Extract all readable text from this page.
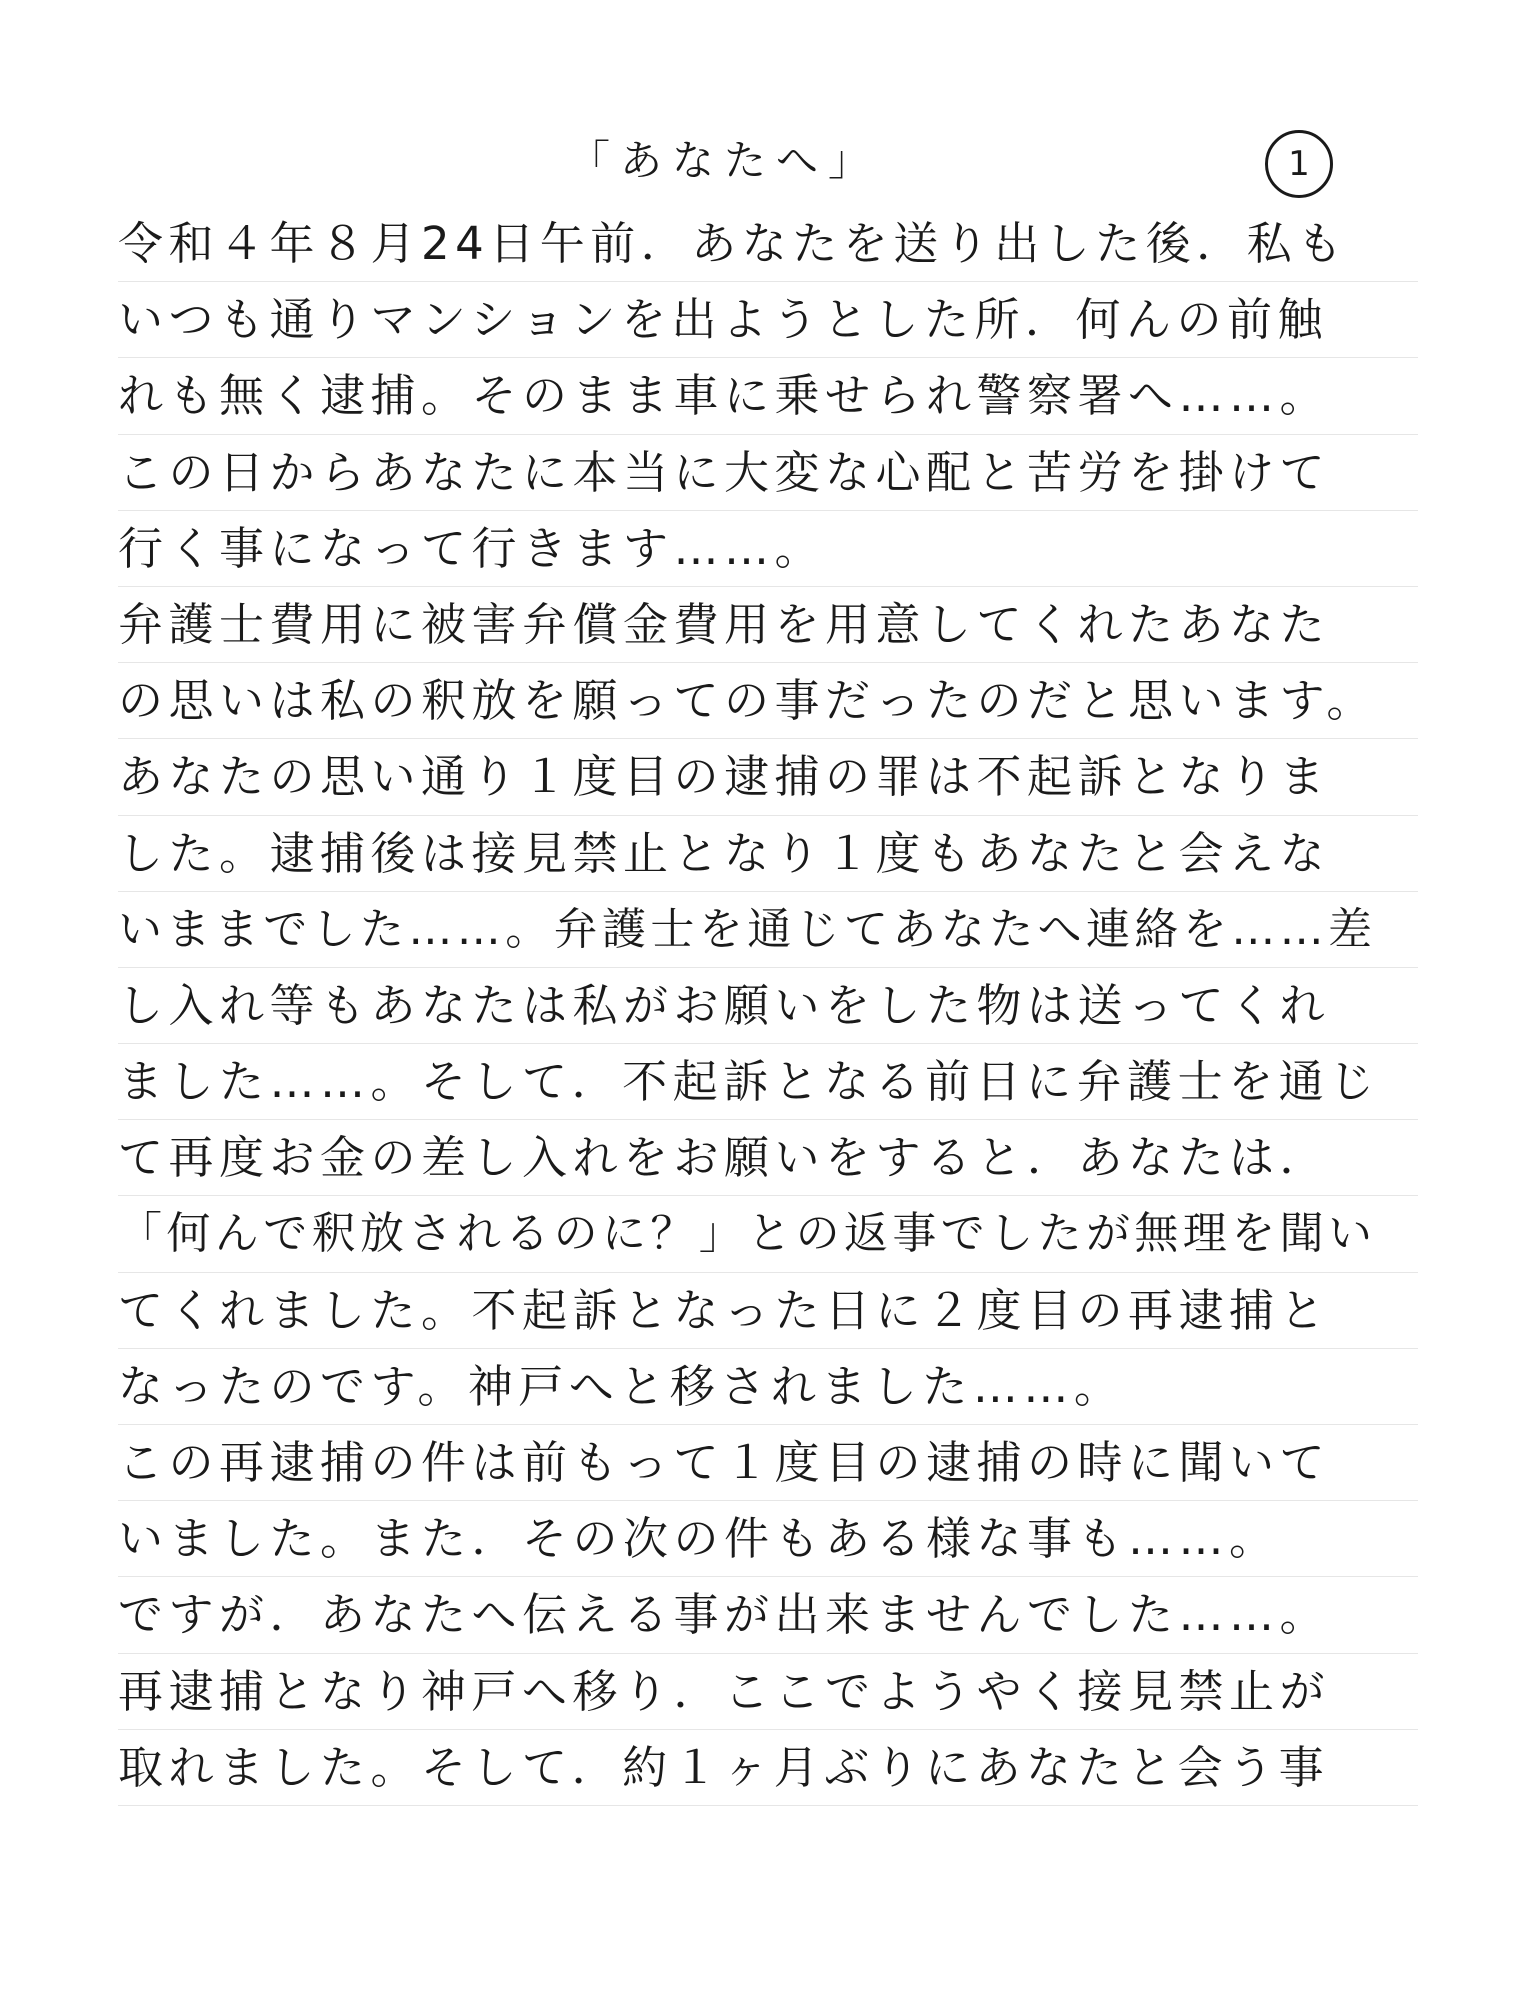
「あなたへ」	1
令和４年８月24日午前．あなたを送り出した後．私も
いつも通りマンションを出ようとした所．何んの前触
れも無く逮捕。そのまま車に乗せられ警察署へ……。
この日からあなたに本当に大変な心配と苦労を掛けて
行く事になって行きます……。
弁護士費用に被害弁償金費用を用意してくれたあなた
の思いは私の釈放を願っての事だったのだと思います。
あなたの思い通り１度目の逮捕の罪は不起訴となりま
した。逮捕後は接見禁止となり１度もあなたと会えな
いままでした……。弁護士を通じてあなたへ連絡を……差
し入れ等もあなたは私がお願いをした物は送ってくれ
ました……。そして．不起訴となる前日に弁護士を通じ
て再度お金の差し入れをお願いをすると．あなたは．
「何んで釈放されるのに？」との返事でしたが無理を聞い
てくれました。不起訴となった日に２度目の再逮捕と
なったのです。神戸へと移されました……。
この再逮捕の件は前もって１度目の逮捕の時に聞いて
いました。また．その次の件もある様な事も……。
ですが．あなたへ伝える事が出来ませんでした……。
再逮捕となり神戸へ移り．ここでようやく接見禁止が
取れました。そして．約１ヶ月ぶりにあなたと会う事
